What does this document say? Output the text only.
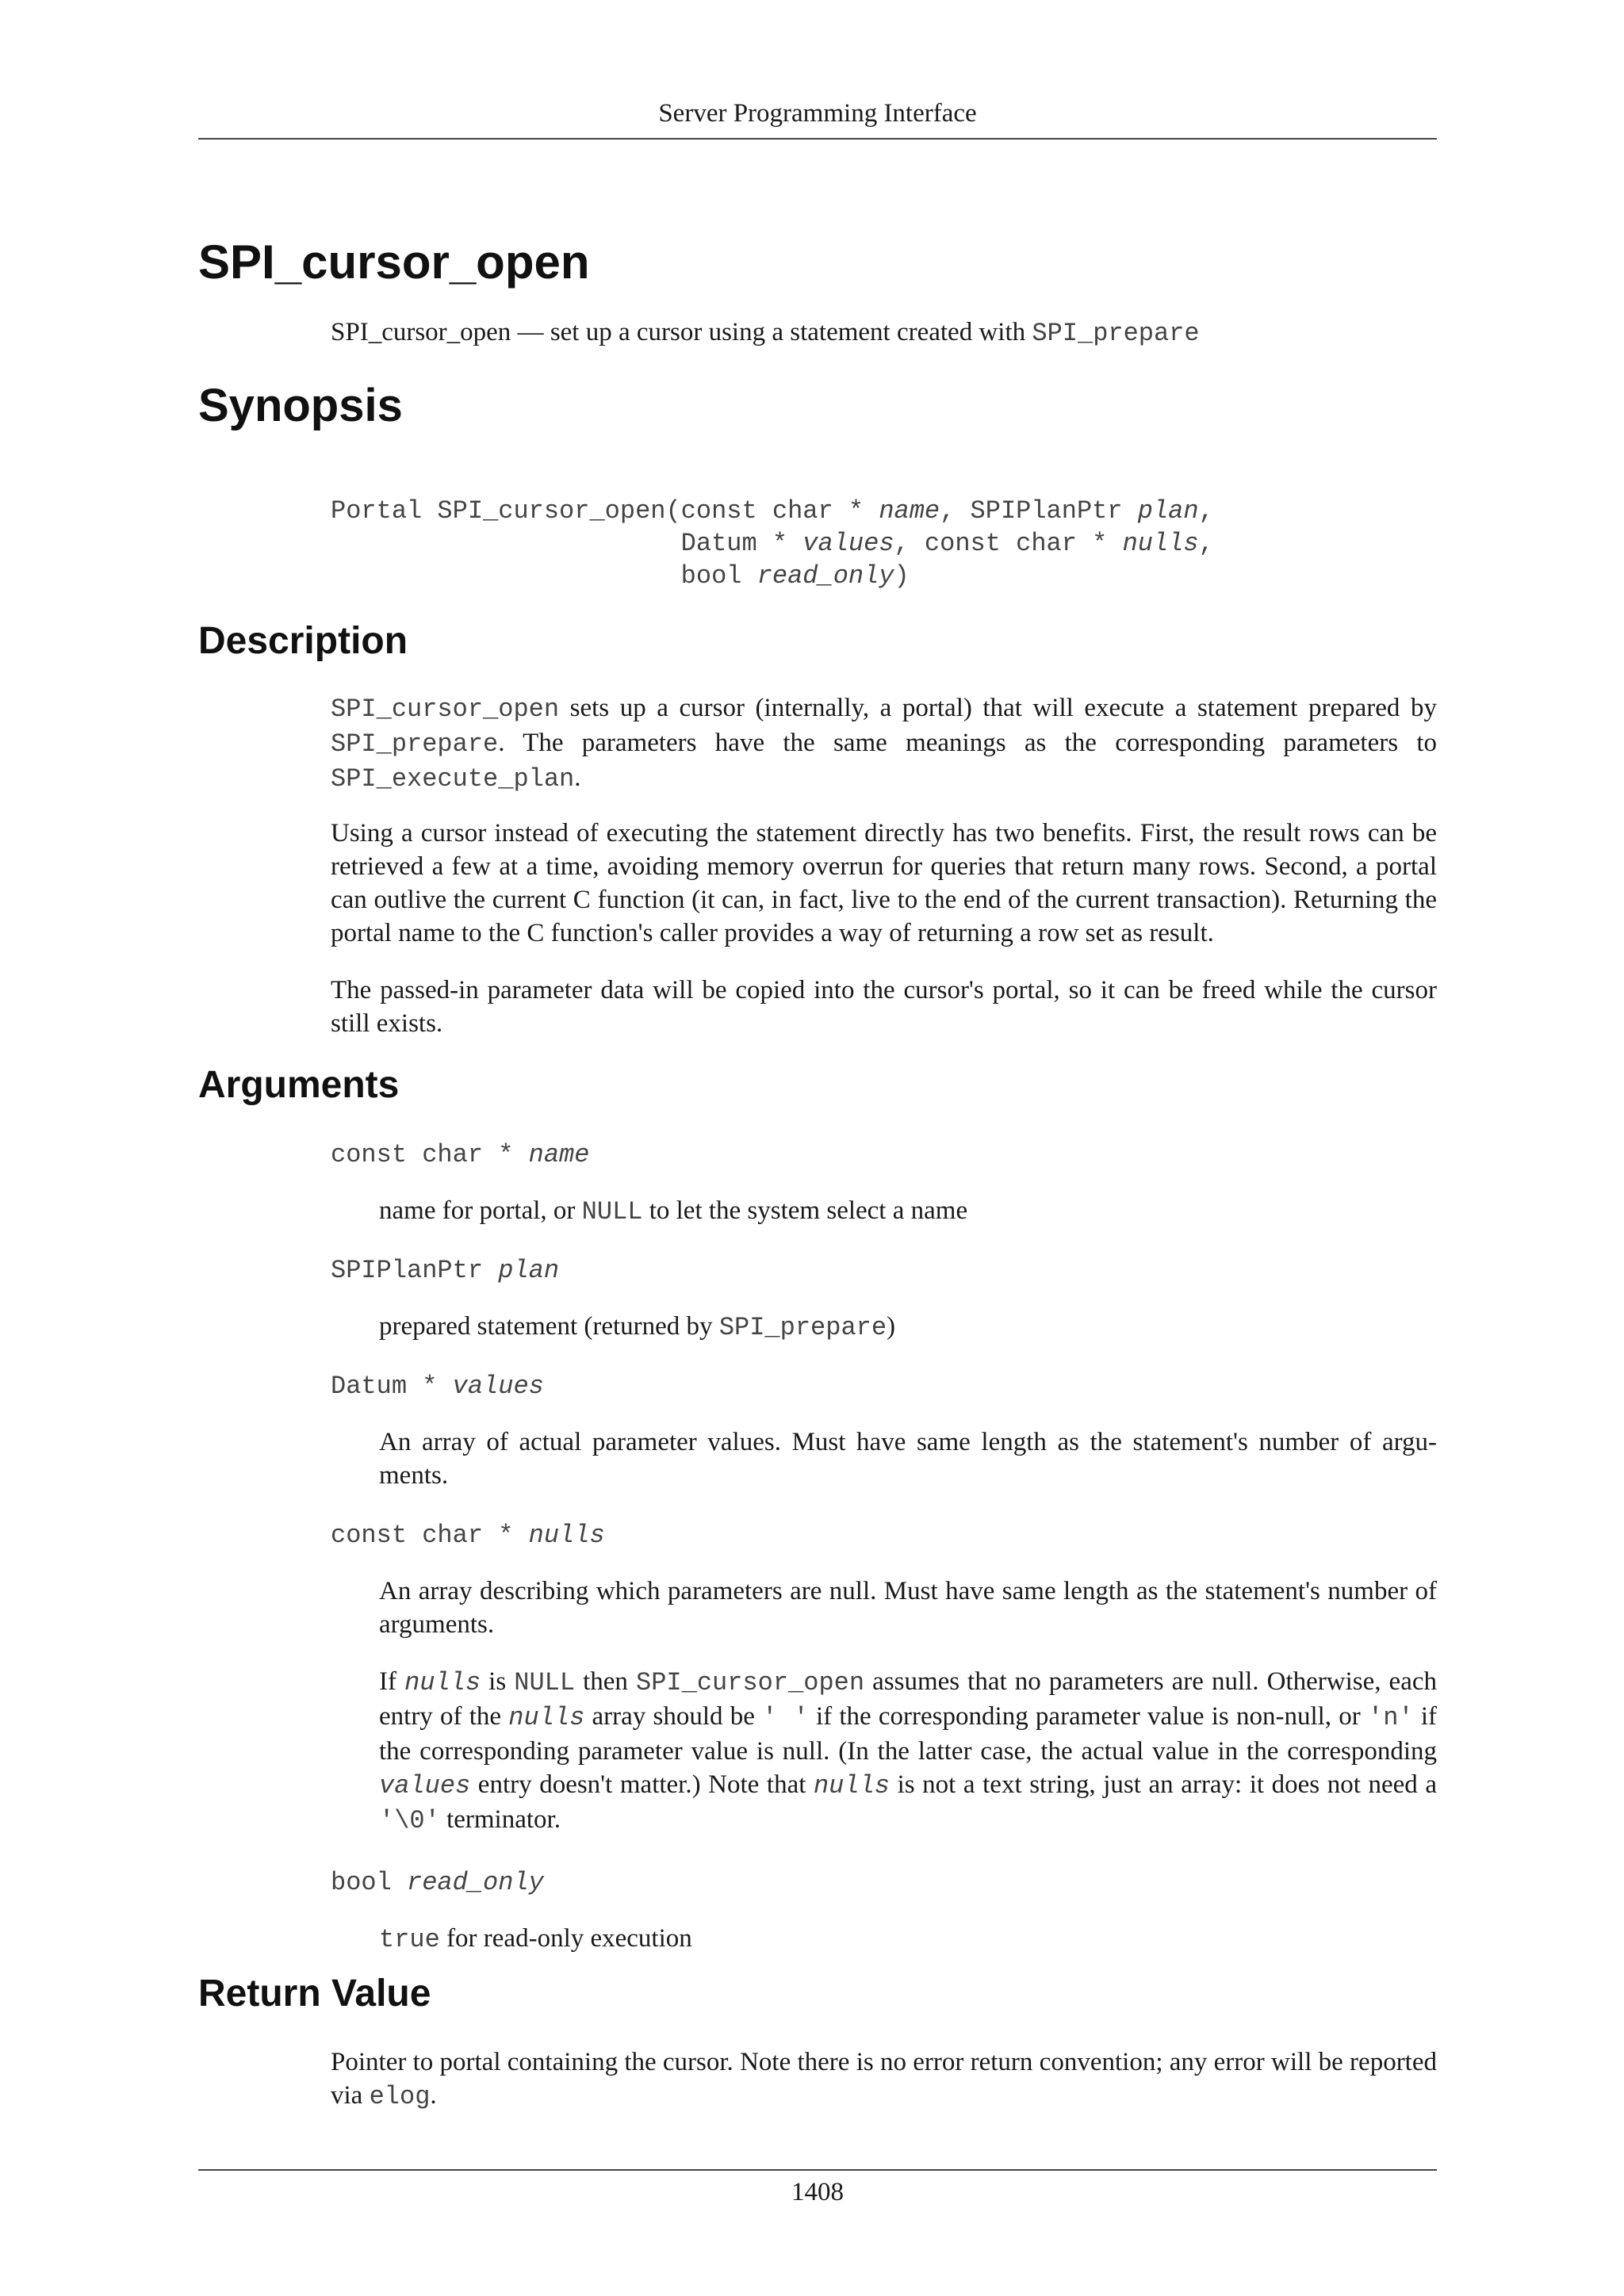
Server Programming Interface
SPI_cursor_open

SPI_cursor_open — set up a cursor using a statement created with SPI_prepare

Synopsis
Portal SPI_cursor_open(const char * name, SPIPlanPtr plan,
Datum * values, const char * nulls,
bool read_only)
Description

SPI_cursor_open sets up a cursor (internally, a portal) that will execute a statement prepared by SPI_prepare. The parameters have the same meanings as the corresponding parameters to SPI_execute_plan.

Using a cursor instead of executing the statement directly has two benefits. First, the result rows can be retrieved a few at a time, avoiding memory overrun for queries that return many rows. Second, a portal can outlive the current C function (it can, in fact, live to the end of the current transaction). Returning the portal name to the C function's caller provides a way of returning a row set as result.

The passed-in parameter data will be copied into the cursor's portal, so it can be freed while the cursor still exists.

Arguments
const char * name

name for portal, or NULL to let the system select a name

SPIPlanPtr plan

prepared statement (returned by SPI_prepare)

Datum * values

An array of actual parameter values. Must have same length as the statement's number of argu- ments.

const char * nulls

An array describing which parameters are null. Must have same length as the statement's number of arguments.

If nulls is NULL then SPI_cursor_open assumes that no parameters are null. Otherwise, each entry of the nulls array should be ' ' if the corresponding parameter value is non-null, or 'n' if the corresponding parameter value is null. (In the latter case, the actual value in the corresponding values entry doesn't matter.) Note that nulls is not a text string, just an array: it does not need a '\0' terminator.

bool read_only

true for read-only execution

Return Value

Pointer to portal containing the cursor. Note there is no error return convention; any error will be reported via elog.

1408
